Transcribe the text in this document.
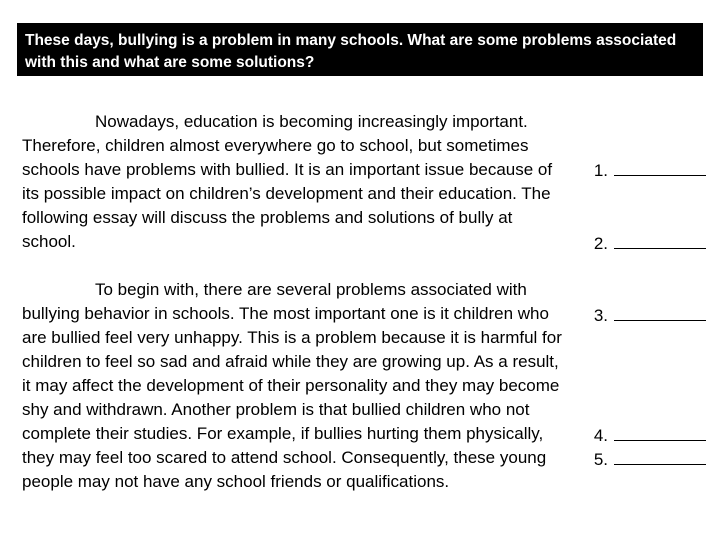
These days, bullying is a problem in many schools. What are some problems associated with this and what are some solutions?

Nowadays, education is becoming increasingly important. Therefore, children almost everywhere go to school, but sometimes schools have problems with bullied. It is an important issue because of its possible impact on children’s development and their education. The following essay will discuss the problems and solutions of bully at school.

To begin with, there are several problems associated with bullying behavior in schools. The most important one is it children who are bullied feel very unhappy. This is a problem because it is harmful for children to feel so sad and afraid while they are growing up. As a result, it may affect the development of their personality and they may become shy and withdrawn. Another problem is that bullied children who not complete their studies. For example, if bullies hurting them physically, they may feel too scared to attend school. Consequently, these young people may not have any school friends or qualifications.

1.
2.
3.
4.
5.
